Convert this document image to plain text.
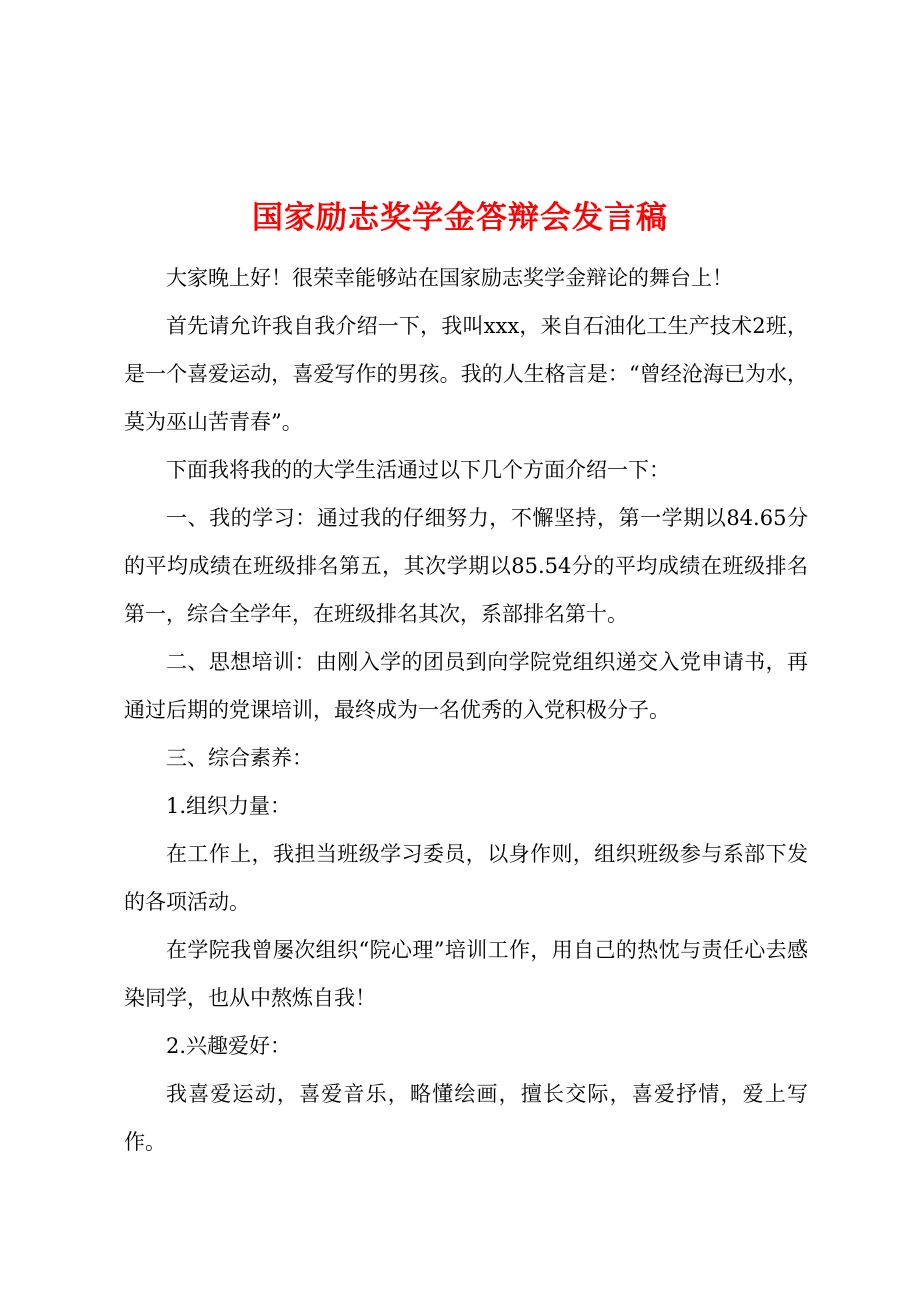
国家励志奖学金答辩会发言稿

大家晚上好！很荣幸能够站在国家励志奖学金辩论的舞台上！

首先请允许我自我介绍一下，我叫xxx，来自石油化工生产技术2班，是一个喜爱运动，喜爱写作的男孩。我的人生格言是：“曾经沧海已为水，莫为巫山苦青春”。

下面我将我的的大学生活通过以下几个方面介绍一下：

一、我的学习：通过我的仔细努力，不懈坚持，第一学期以84.65分的平均成绩在班级排名第五，其次学期以85.54分的平均成绩在班级排名第一，综合全学年，在班级排名其次，系部排名第十。

二、思想培训：由刚入学的团员到向学院党组织递交入党申请书，再通过后期的党课培训，最终成为一名优秀的入党积极分子。

三、综合素养：

1.组织力量：

在工作上，我担当班级学习委员，以身作则，组织班级参与系部下发的各项活动。

在学院我曾屡次组织“院心理”培训工作，用自己的热忱与责任心去感染同学，也从中熬炼自我！

2.兴趣爱好：

我喜爱运动，喜爱音乐，略懂绘画，擅长交际，喜爱抒情，爱上写作。
